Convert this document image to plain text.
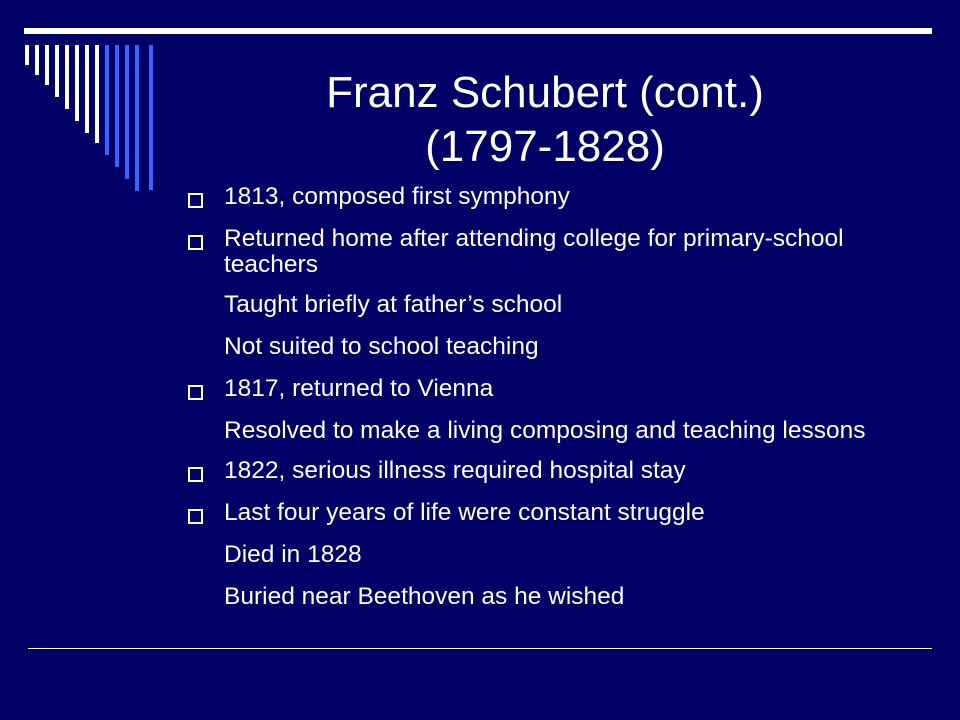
Franz Schubert (cont.)
(1797-1828)
1813, composed first symphony
Returned home after attending college for primary-school teachers
Taught briefly at father’s school
Not suited to school teaching
1817, returned to Vienna
Resolved to make a living composing and teaching lessons
1822, serious illness required hospital stay
Last four years of life were constant struggle
Died in 1828
Buried near Beethoven as he wished
